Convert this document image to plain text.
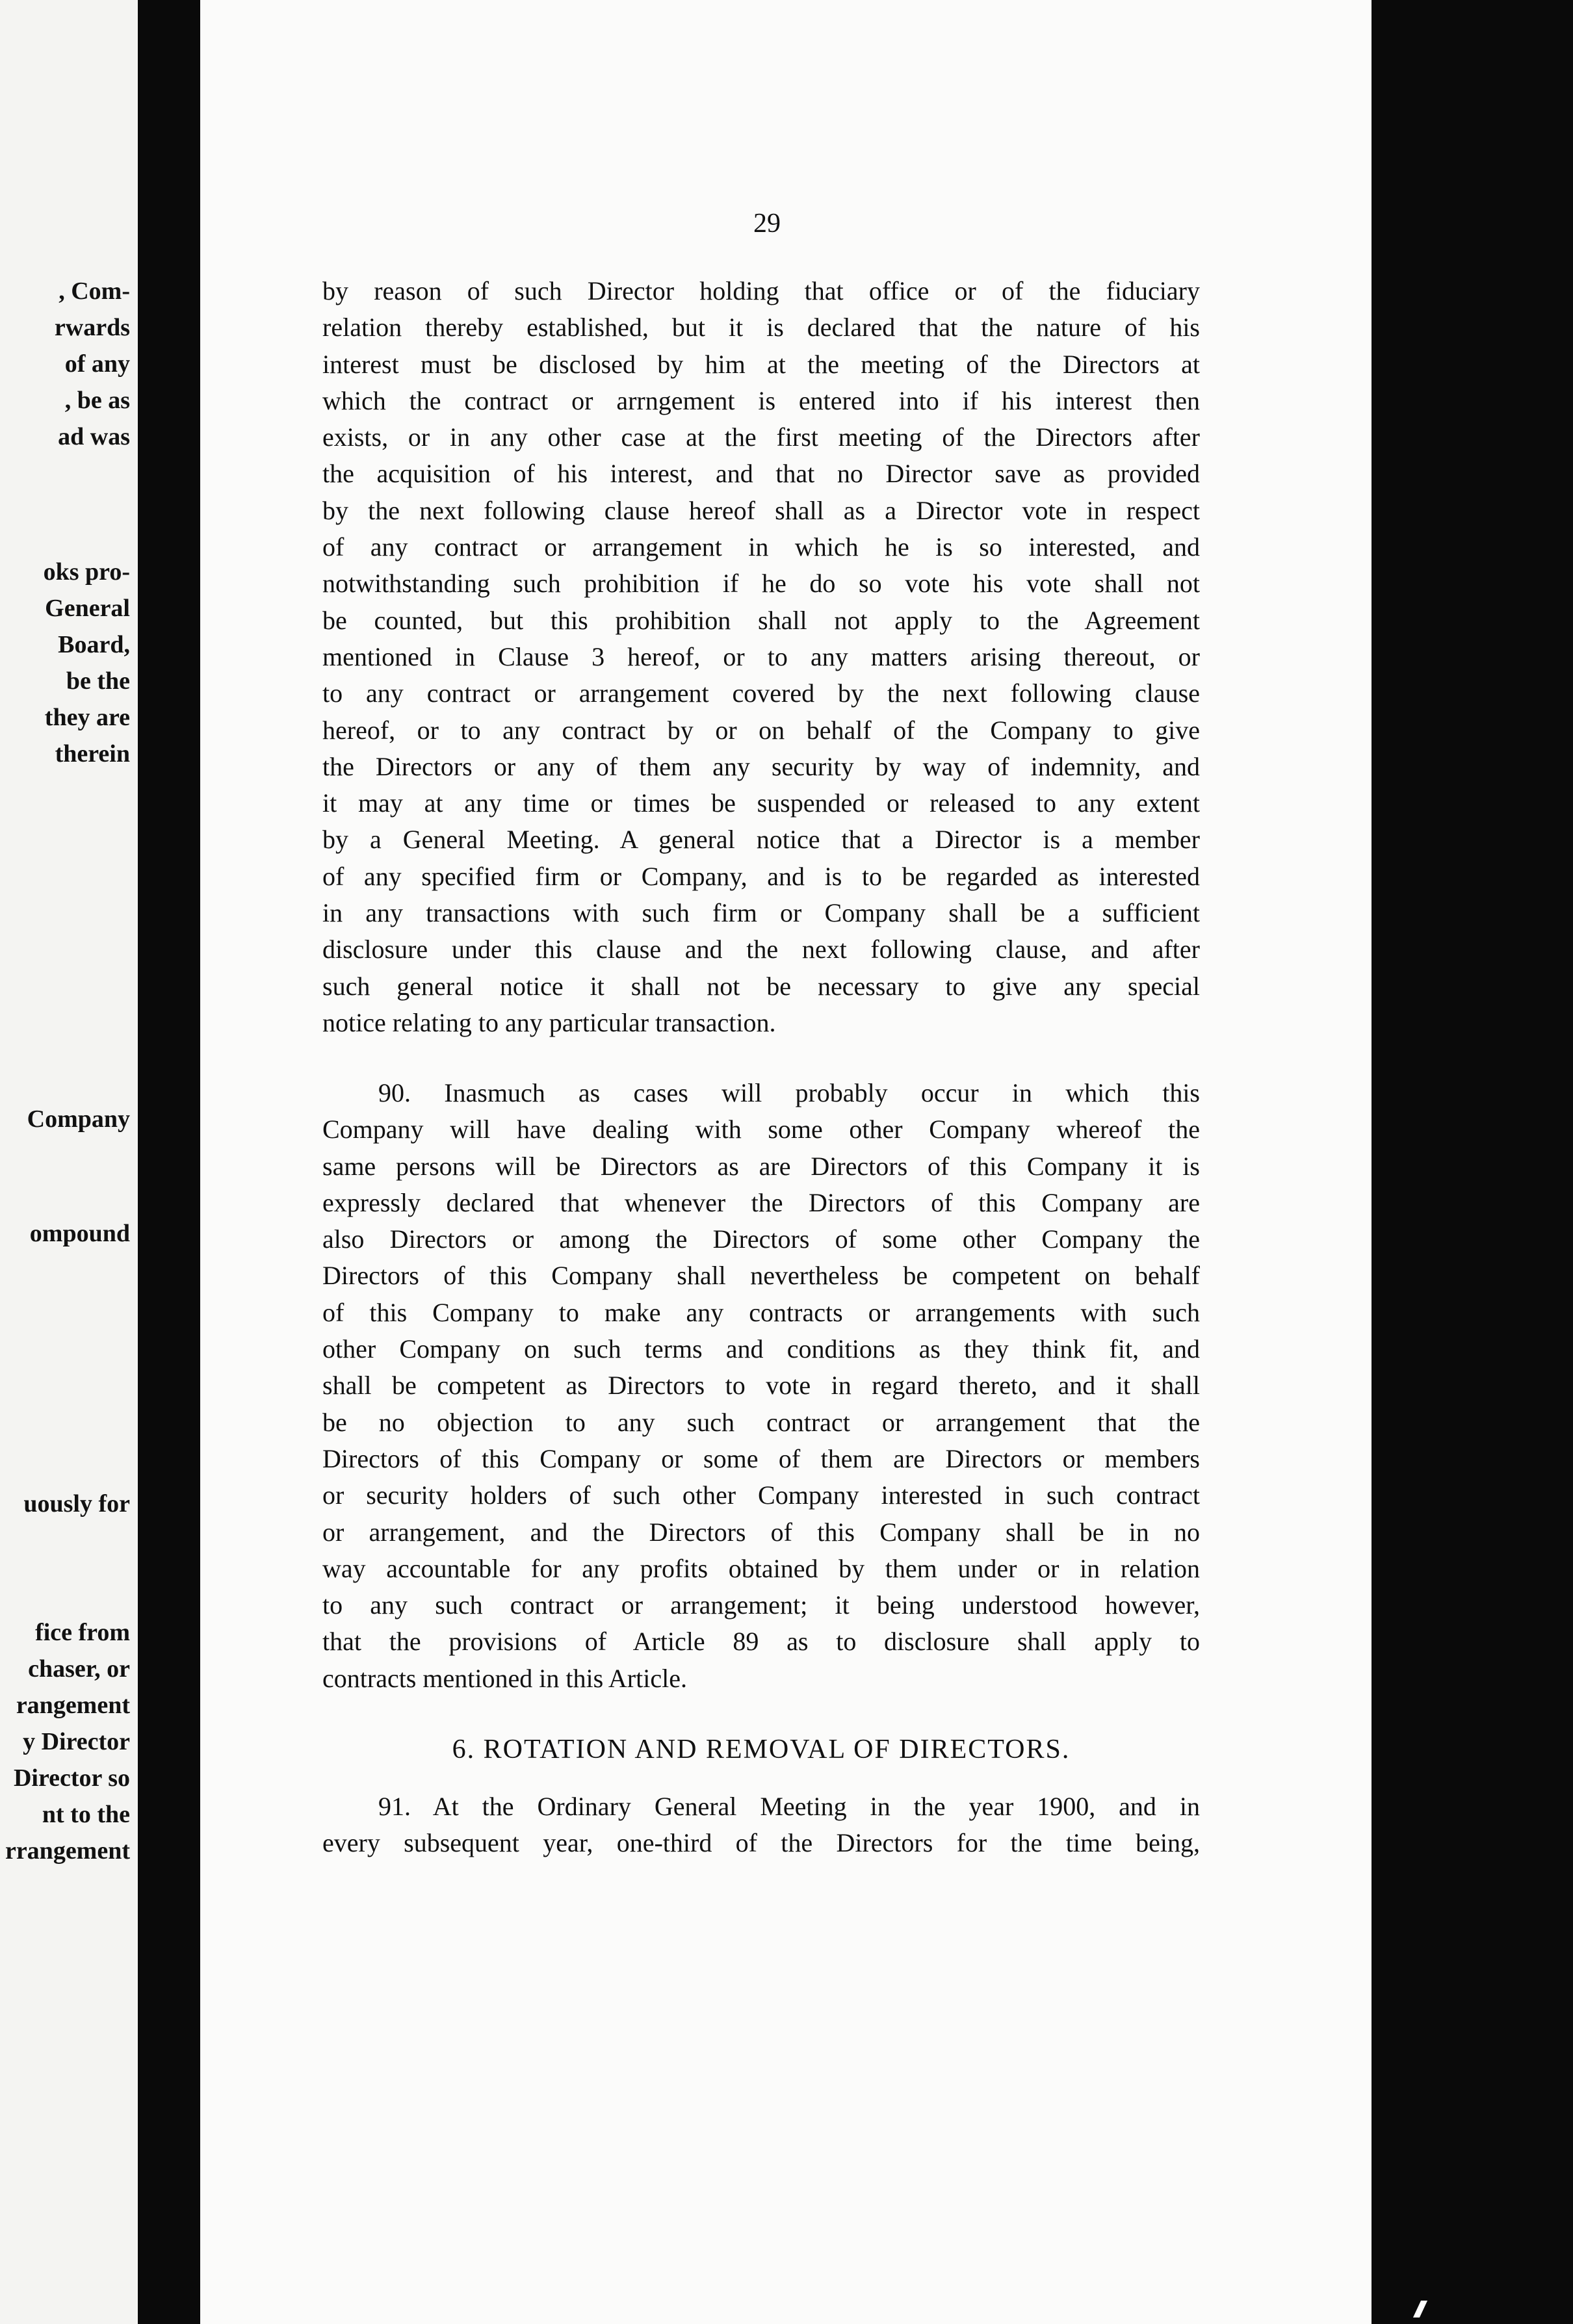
, Com-
rwards
of any
, be as
ad was
oks pro-
General
Board,
be the
they are
therein
Company
ompound
uously for
fice from
chaser, or
rangement
y Director
Director so
nt to the
rrangement
29
by reason of such Director holding that office or of the fiduciary
relation thereby established, but it is declared that the nature of his
interest must be disclosed by him at the meeting of the Directors at
which the contract or arrngement is entered into if his interest then
exists, or in any other case at the first meeting of the Directors after
the acquisition of his interest, and that no Director save as provided
by the next following clause hereof shall as a Director vote in respect
of any contract or arrangement in which he is so interested, and
notwithstanding such prohibition if he do so vote his vote shall not
be counted, but this prohibition shall not apply to the Agreement
mentioned in Clause 3 hereof, or to any matters arising thereout, or
to any contract or arrangement covered by the next following clause
hereof, or to any contract by or on behalf of the Company to give
the Directors or any of them any security by way of indemnity, and
it may at any time or times be suspended or released to any extent
by a General Meeting. A general notice that a Director is a member
of any specified firm or Company, and is to be regarded as interested
in any transactions with such firm or Company shall be a sufficient
disclosure under this clause and the next following clause, and after
such general notice it shall not be necessary to give any special
notice relating to any particular transaction.
90. Inasmuch as cases will probably occur in which this
Company will have dealing with some other Company whereof the
same persons will be Directors as are Directors of this Company it is
expressly declared that whenever the Directors of this Company are
also Directors or among the Directors of some other Company the
Directors of this Company shall nevertheless be competent on behalf
of this Company to make any contracts or arrangements with such
other Company on such terms and conditions as they think fit, and
shall be competent as Directors to vote in regard thereto, and it shall
be no objection to any such contract or arrangement that the
Directors of this Company or some of them are Directors or members
or security holders of such other Company interested in such contract
or arrangement, and the Directors of this Company shall be in no
way accountable for any profits obtained by them under or in relation
to any such contract or arrangement; it being understood however,
that the provisions of Article 89 as to disclosure shall apply to
contracts mentioned in this Article.
6. ROTATION AND REMOVAL OF DIRECTORS.
91. At the Ordinary General Meeting in the year 1900, and in
every subsequent year, one-third of the Directors for the time being,
